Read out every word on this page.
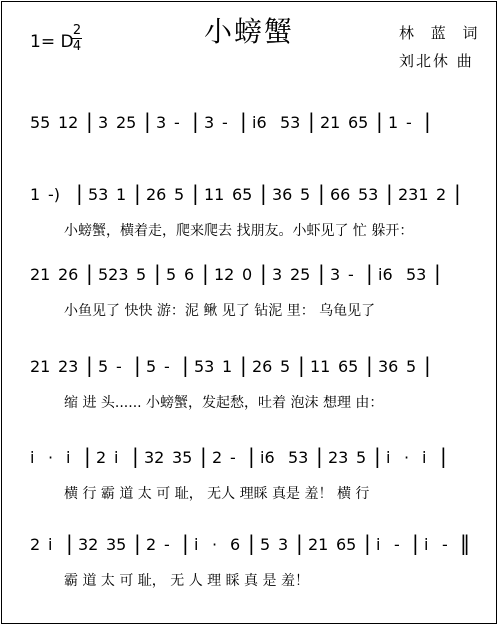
小螃蟹
1= D
2
4
林 蓝 词
刘北休 曲
55 12 | 3 25 | 3 - | 3 - | i6 53 | 21 65 | 1 - |
1 -) | 53 1 | 26 5 | 11 65 | 36 5 | 66 53 | 231 2 |
小螃蟹，横着走，爬来爬去 找朋友。小虾见了 忙 躲开：
21 26 | 523 5 | 5 6 | 12 0 | 3 25 | 3 - | i6 53 |
小鱼见了 快快 游：泥 鳅 见了 钻泥 里： 乌龟见了
21 23 | 5 - | 5 - | 53 1 | 26 5 | 11 65 | 36 5 |
缩 进 头...... 小螃蟹，发起愁，吐着 泡沫 想理 由：
i · i | 2 i | 32 35 | 2 - | i6 53 | 23 5 | i · i |
横 行 霸 道 太 可 耻， 无人 理睬 真是 羞！ 横 行
2 i | 32 35 | 2 - | i · 6 | 5 3 | 21 65 | i - | i - ‖
霸 道 太 可 耻， 无 人 理 睬 真 是 羞！
